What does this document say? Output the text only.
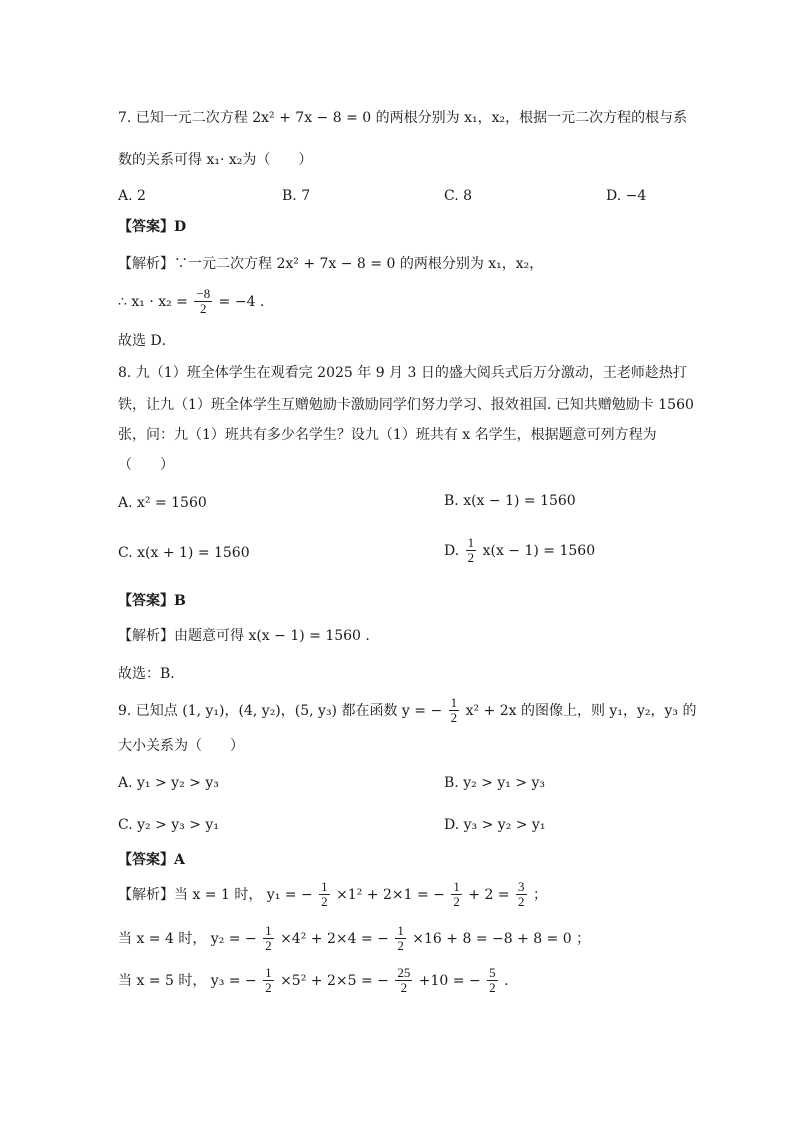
7. 已知一元二次方程 2x² + 7x − 8 = 0 的两根分别为 x₁，x₂，根据一元二次方程的根与系
数的关系可得 x₁· x₂为（　　）
A. 2	B. 7	C. 8	D. −4
【答案】D
【解析】∵一元二次方程 2x² + 7x − 8 = 0 的两根分别为 x₁，x₂，
∴ $x_1 \cdot x_2 = \frac{-8}{2} = -4$ .
故选 D．
8. 九（1）班全体学生在观看完 2025 年 9 月 3 日的盛大阅兵式后万分激动，王老师趁热打
铁，让九（1）班全体学生互赠勉励卡激励同学们努力学习、报效祖国. 已知共赠勉励卡 1560
张，问：九（1）班共有多少名学生？设九（1）班共有 x 名学生，根据题意可列方程为
（　　）
A. x² = 1560	B. x(x − 1) = 1560
C. x(x + 1) = 1560	D. $\frac{1}{2} x(x - 1) = 1560$
【答案】B
【解析】由题意可得 x(x − 1) = 1560 .
故选：B．
9. 已知点 (1, y₁)，(4, y₂)，(5, y₃) 都在函数 y = − $\frac{1}{2} x^2 + 2x$ 的图像上，则 y₁，y₂，y₃ 的
大小关系为（　　）
A. y₁ > y₂ > y₃	B. y₂ > y₁ > y₃
C. y₂ > y₃ > y₁	D. y₃ > y₂ > y₁
【答案】A
【解析】当 x = 1 时， y₁ = − $\frac{1}{2} \times 1^2 + 2\times 1$ = − $\frac{1}{2} + 2 = \frac{3}{2}$ ；
当 x = 4 时， y₂ = − $\frac{1}{2} \times 4^2 + 2\times 4$ = − $\frac{1}{2} \times 16 + 8 = -8 + 8 = 0$ ；
当 x = 5 时， y₃ = − $\frac{1}{2} \times 5^2 + 2\times 5$ = − $\frac{25}{2} +10$ = − $\frac{5}{2}$ .
